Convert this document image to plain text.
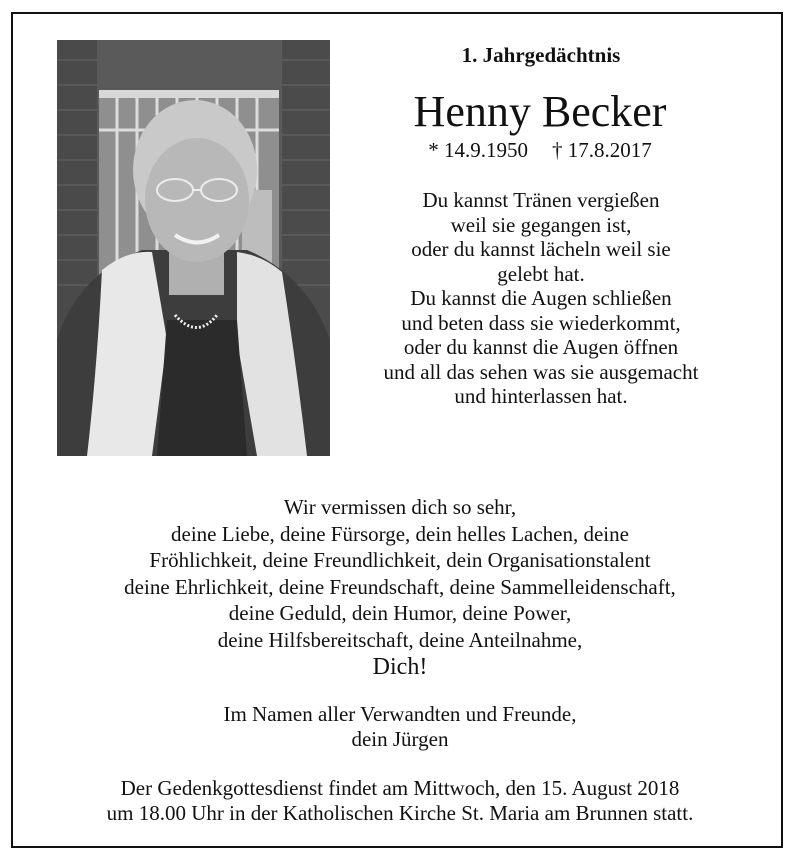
1. Jahrgedächtnis
Henny Becker
* 14.9.1950 † 17.8.2017
Du kannst Tränen vergießen
weil sie gegangen ist,
oder du kannst lächeln weil sie
gelebt hat.
Du kannst die Augen schließen
und beten dass sie wiederkommt,
oder du kannst die Augen öffnen
und all das sehen was sie ausgemacht
und hinterlassen hat.
Wir vermissen dich so sehr,
deine Liebe, deine Fürsorge, dein helles Lachen, deine
Fröhlichkeit, deine Freundlichkeit, dein Organisationstalent
deine Ehrlichkeit, deine Freundschaft, deine Sammelleidenschaft,
deine Geduld, dein Humor, deine Power,
deine Hilfsbereitschaft, deine Anteilnahme,
Dich!
Im Namen aller Verwandten und Freunde,
dein Jürgen
Der Gedenkgottesdienst findet am Mittwoch, den 15. August 2018
um 18.00 Uhr in der Katholischen Kirche St. Maria am Brunnen statt.
